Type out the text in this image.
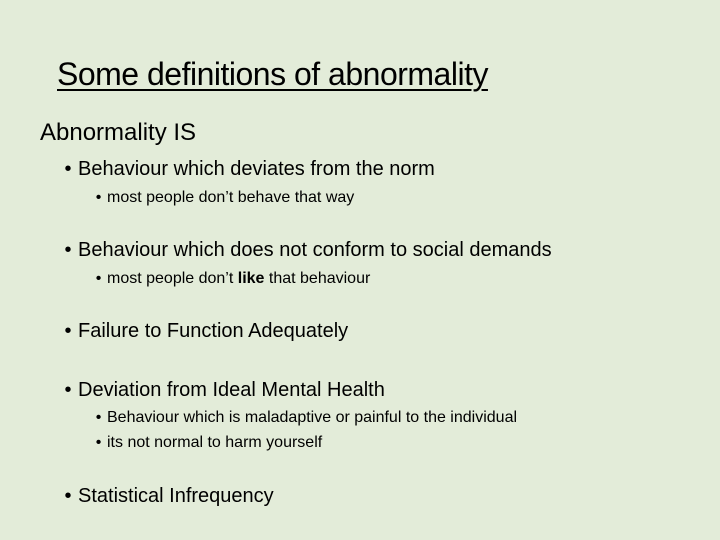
Some definitions of abnormality
Abnormality IS
• Behaviour which deviates from the norm
• most people don’t behave that way
• Behaviour which does not conform to social demands
• most people don’t like that behaviour
• Failure to Function Adequately
• Deviation from Ideal Mental Health
• Behaviour which is maladaptive or painful to the individual
• its not normal to harm yourself
• Statistical Infrequency
